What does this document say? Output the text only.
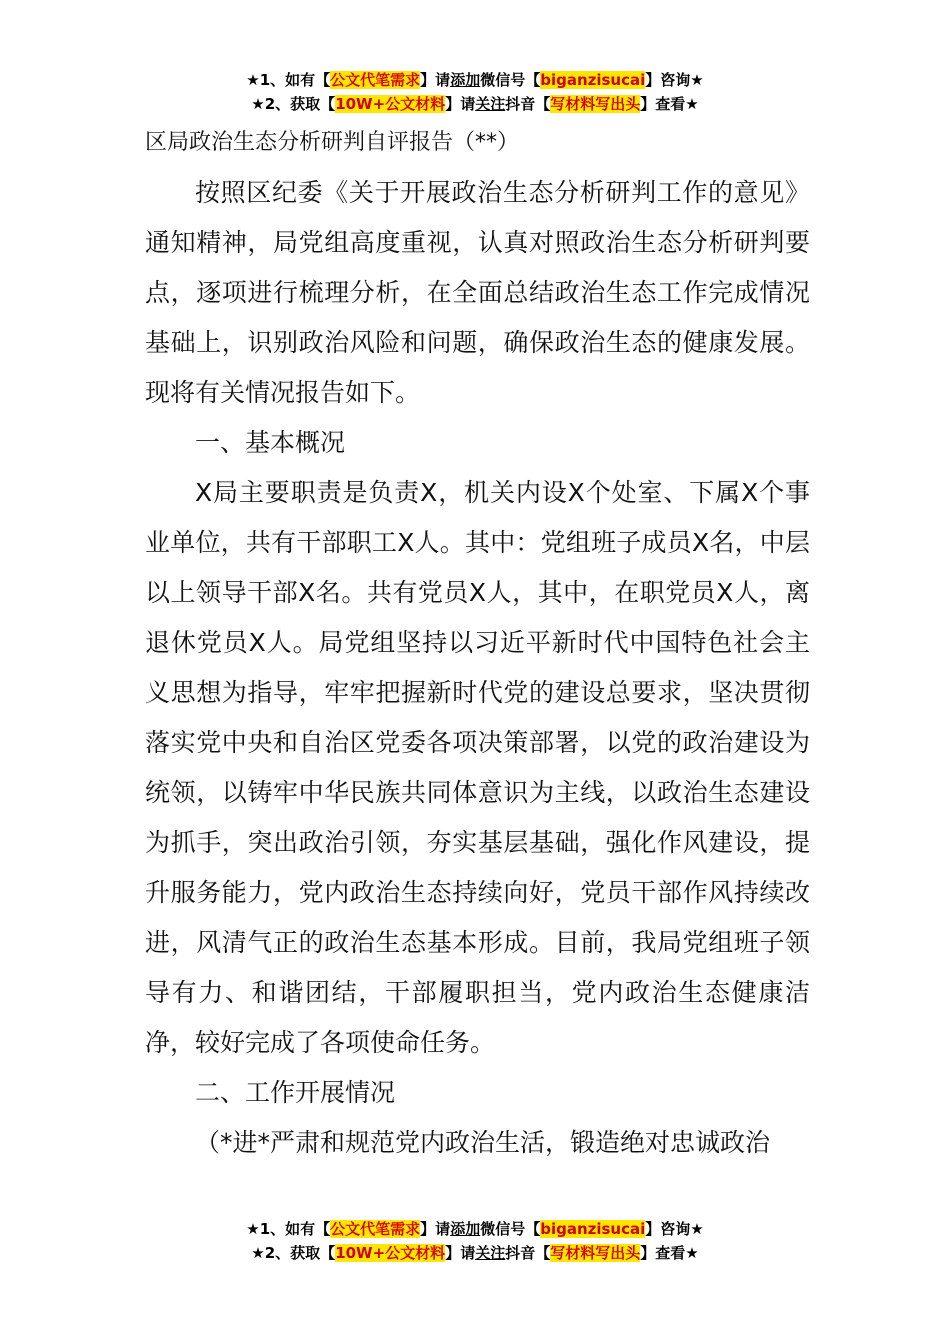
★1、如有【公文代笔需求】请添加微信号【biganzisucai】咨询★
★2、获取【10W+公文材料】请关注抖音【写材料写出头】查看★

区局政治生态分析研判自评报告（**）

按照区纪委《关于开展政治生态分析研判工作的意见》通知精神，局党组高度重视，认真对照政治生态分析研判要点，逐项进行梳理分析，在全面总结政治生态工作完成情况基础上，识别政治风险和问题，确保政治生态的健康发展。现将有关情况报告如下。

一、基本概况

X局主要职责是负责X，机关内设X个处室、下属X个事业单位，共有干部职工X人。其中：党组班子成员X名，中层以上领导干部X名。共有党员X人，其中，在职党员X人，离退休党员X人。局党组坚持以习近平新时代中国特色社会主义思想为指导，牢牢把握新时代党的建设总要求，坚决贯彻落实党中央和自治区党委各项决策部署，以党的政治建设为统领，以铸牢中华民族共同体意识为主线，以政治生态建设为抓手，突出政治引领，夯实基层基础，强化作风建设，提升服务能力，党内政治生态持续向好，党员干部作风持续改进，风清气正的政治生态基本形成。目前，我局党组班子领导有力、和谐团结，干部履职担当，党内政治生态健康洁净，较好完成了各项使命任务。

二、工作开展情况

（*进*严肃和规范党内政治生活，锻造绝对忠诚政治

★1、如有【公文代笔需求】请添加微信号【biganzisucai】咨询★
★2、获取【10W+公文材料】请关注抖音【写材料写出头】查看★
